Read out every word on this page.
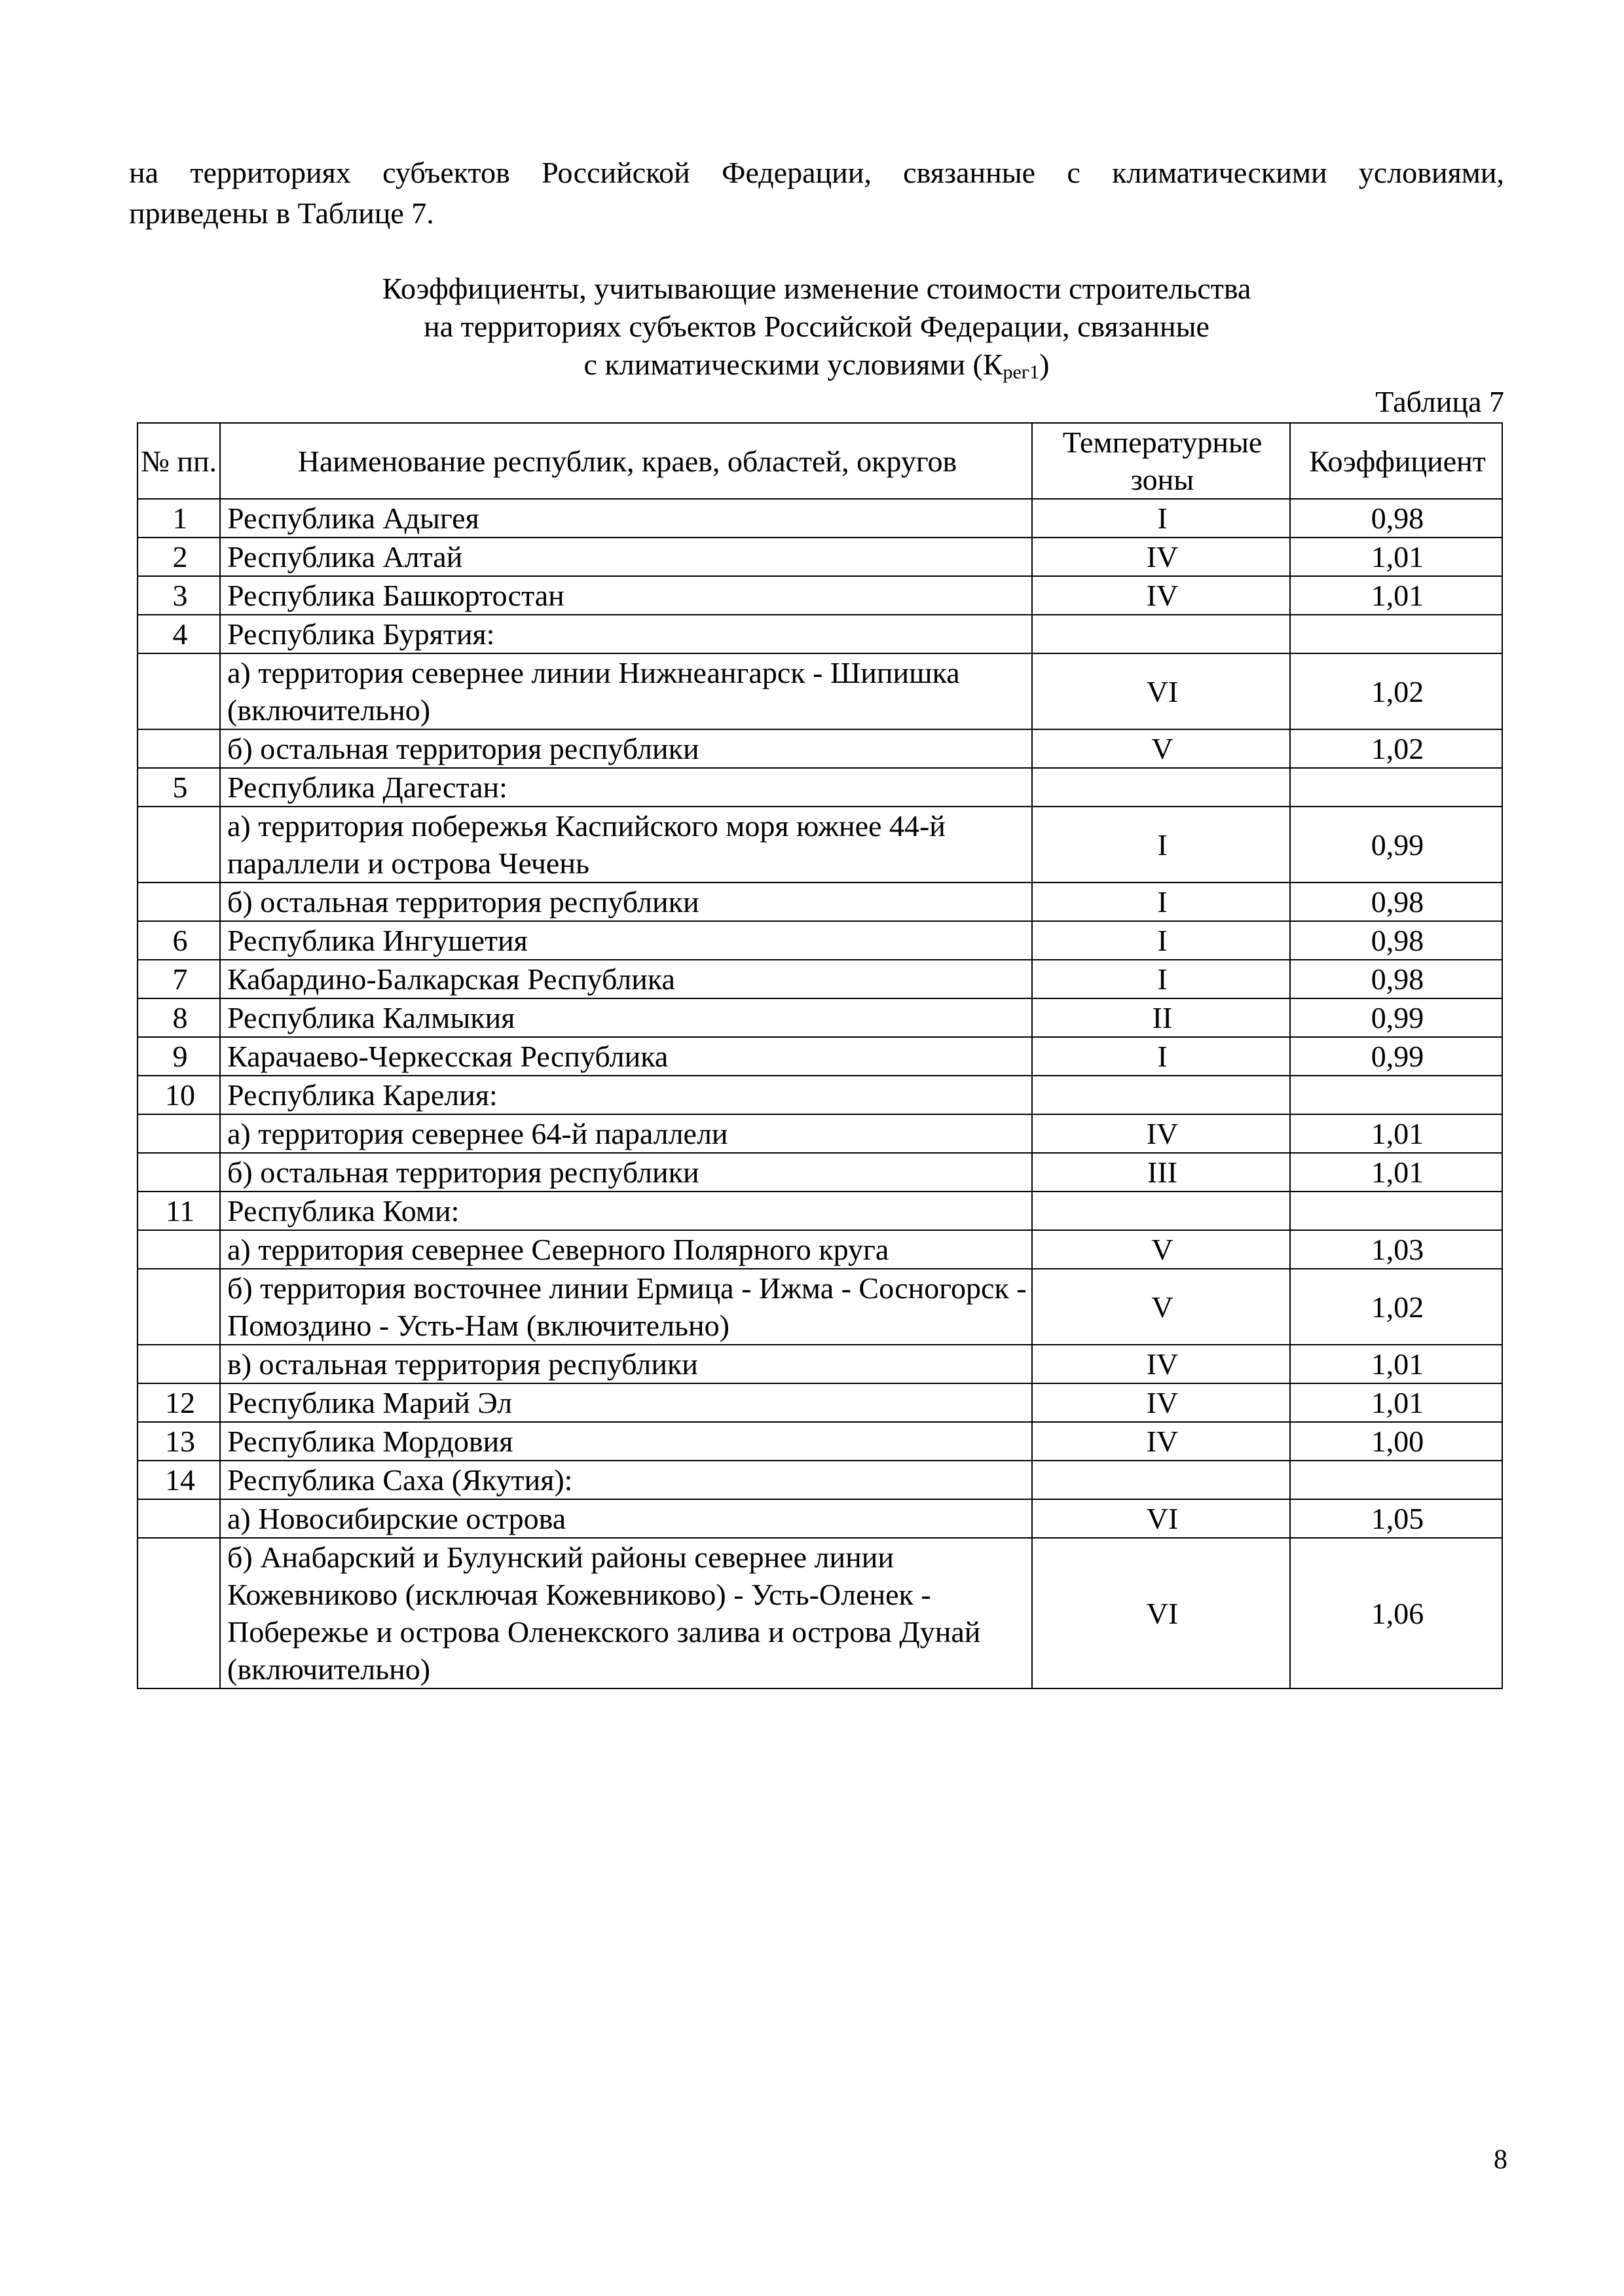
на территориях субъектов Российской Федерации, связанные с климатическими условиями,
приведены в Таблице 7.
Коэффициенты, учитывающие изменение стоимости строительства
на территориях субъектов Российской Федерации, связанные
с климатическими условиями $(К_{рег1})$
Таблица 7
№ пп.	Наименование республик, краев, областей, округов	Температурные зоны	Коэффициент
1	Республика Адыгея	I	0,98
2	Республика Алтай	IV	1,01
3	Республика Башкортостан	IV	1,01
4	Республика Бурятия:		
	а) территория севернее линии Нижнеангарск - Шипишка (включительно)	VI	1,02
	б) остальная территория республики	V	1,02
5	Республика Дагестан:		
	а) территория побережья Каспийского моря южнее 44-й параллели и острова Чечень	I	0,99
	б) остальная территория республики	I	0,98
6	Республика Ингушетия	I	0,98
7	Кабардино-Балкарская Республика	I	0,98
8	Республика Калмыкия	II	0,99
9	Карачаево-Черкесская Республика	I	0,99
10	Республика Карелия:		
	а) территория севернее 64-й параллели	IV	1,01
	б) остальная территория республики	III	1,01
11	Республика Коми:		
	а) территория севернее Северного Полярного круга	V	1,03
	б) территория восточнее линии Ермица - Ижма - Сосногорск - Помоздино - Усть-Нам (включительно)	V	1,02
	в) остальная территория республики	IV	1,01
12	Республика Марий Эл	IV	1,01
13	Республика Мордовия	IV	1,00
14	Республика Саха (Якутия):		
	а) Новосибирские острова	VI	1,05
	б) Анабарский и Булунский районы севернее линии Кожевниково (исключая Кожевниково) - Усть-Оленек - Побережье и острова Оленекского залива и острова Дунай (включительно)	VI	1,06
8
